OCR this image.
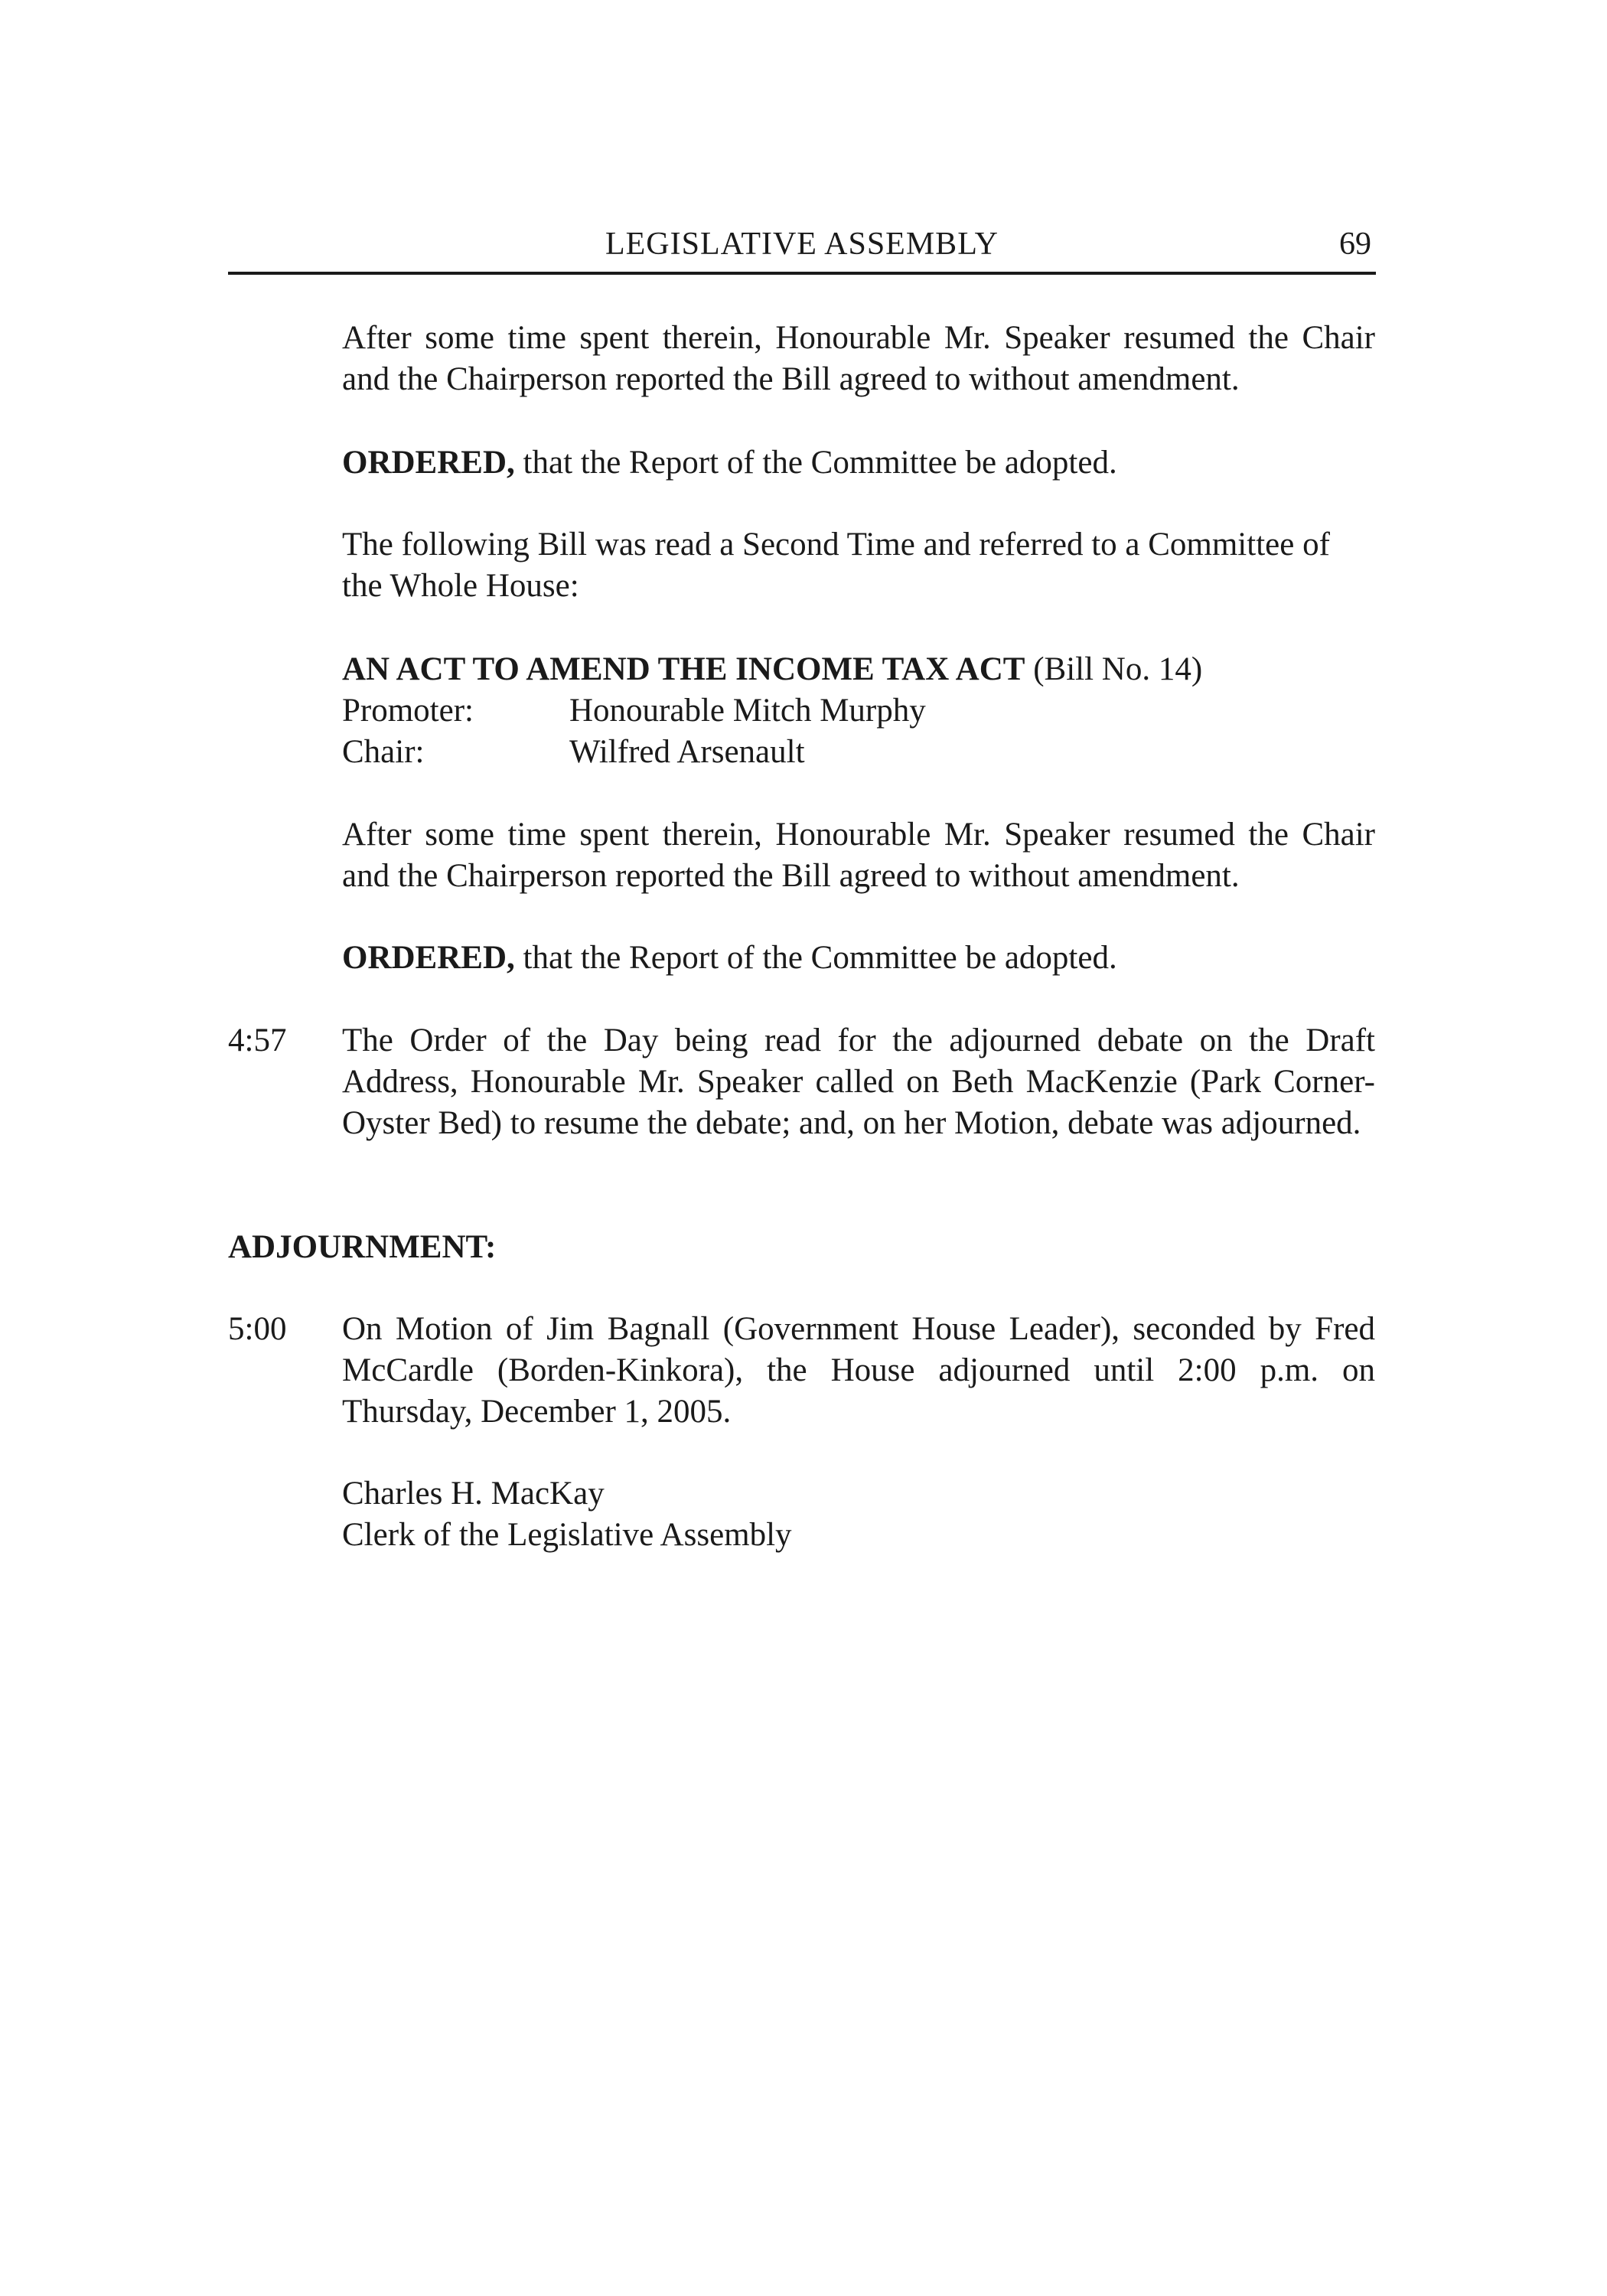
LEGISLATIVE ASSEMBLY	69
After some time spent therein, Honourable Mr. Speaker resumed the Chair and the Chairperson reported the Bill agreed to without amendment.
ORDERED, that the Report of the Committee be adopted.
The following Bill was read a Second Time and referred to a Committee of the Whole House:
AN ACT TO AMEND THE INCOME TAX ACT (Bill No. 14)
Promoter:	Honourable Mitch Murphy
Chair:	Wilfred Arsenault
After some time spent therein, Honourable Mr. Speaker resumed the Chair and the Chairperson reported the Bill agreed to without amendment.
ORDERED, that the Report of the Committee be adopted.
4:57 The Order of the Day being read for the adjourned debate on the Draft Address, Honourable Mr. Speaker called on Beth MacKenzie (Park Corner-Oyster Bed) to resume the debate; and, on her Motion, debate was adjourned.
ADJOURNMENT:
5:00 On Motion of Jim Bagnall (Government House Leader), seconded by Fred McCardle (Borden-Kinkora), the House adjourned until 2:00 p.m. on Thursday, December 1, 2005.
Charles H. MacKay
Clerk of the Legislative Assembly
